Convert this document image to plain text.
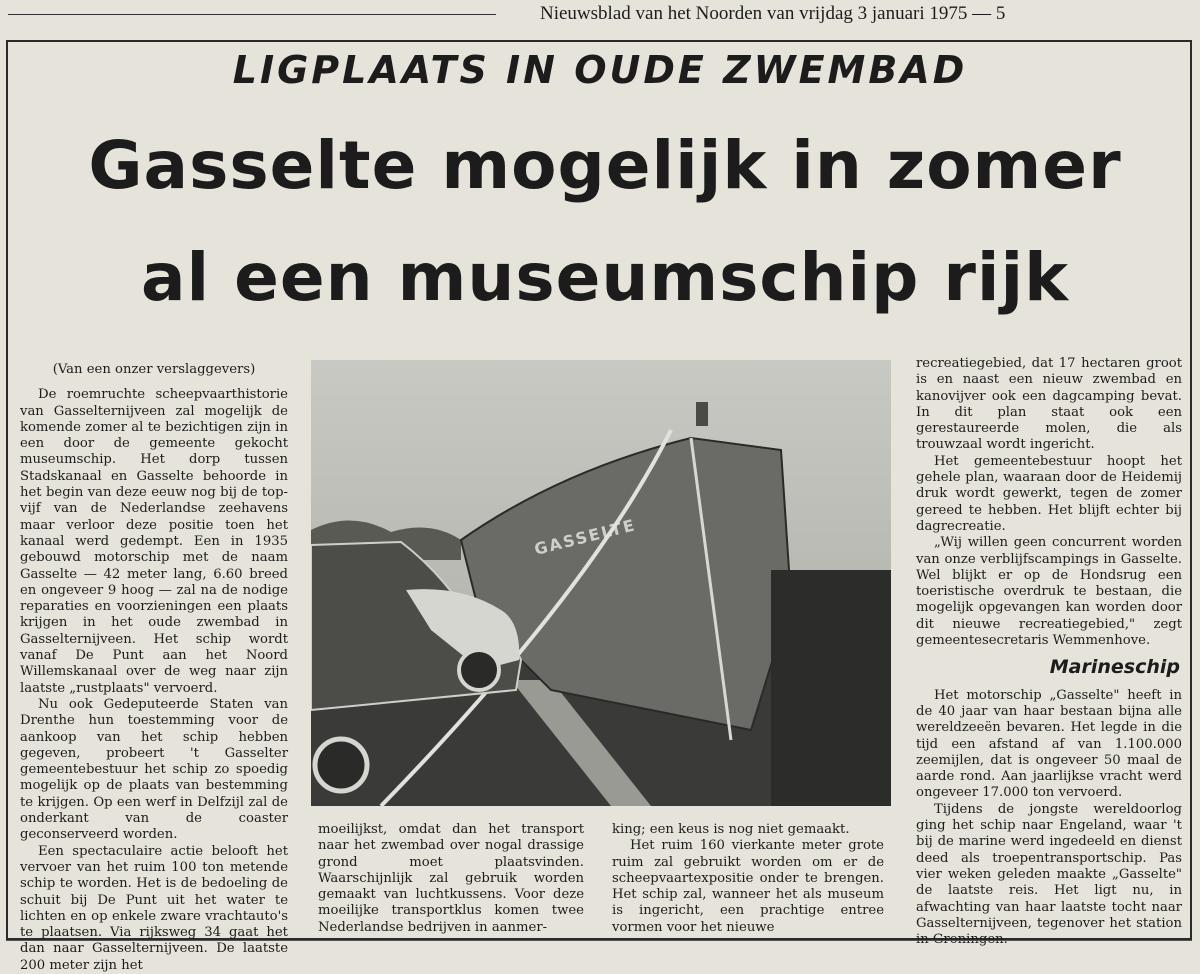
Nieuwsblad van het Noorden van vrijdag 3 januari 1975 — 5
LIGPLAATS IN OUDE ZWEMBAD
Gasselte mogelijk in zomer
al een museumschip rijk
(Van een onzer verslaggevers)

De roemruchte scheepvaarthistorie van Gasselternijveen zal mogelijk de komende zomer al te bezichtigen zijn in een door de gemeente gekocht museumschip. Het dorp tussen Stadskanaal en Gasselte behoorde in het begin van deze eeuw nog bij de top-vijf van de Nederlandse zeehavens maar verloor deze positie toen het kanaal werd gedempt. Een in 1935 gebouwd motorschip met de naam Gasselte — 42 meter lang, 6.60 breed en ongeveer 9 hoog — zal na de nodige reparaties en voorzieningen een plaats krijgen in het oude zwembad in Gasselternijveen. Het schip wordt vanaf De Punt aan het Noord Willemskanaal over de weg naar zijn laatste „rustplaats" vervoerd.

Nu ook Gedeputeerde Staten van Drenthe hun toestemming voor de aankoop van het schip hebben gegeven, probeert 't Gasselter gemeentebestuur het schip zo spoedig mogelijk op de plaats van bestemming te krijgen. Op een werf in Delfzijl zal de onderkant van de coaster geconserveerd worden.

Een spectaculaire actie belooft het vervoer van het ruim 100 ton metende schip te worden. Het is de bedoeling de schuit bij De Punt uit het water te lichten en op enkele zware vrachtauto's te plaatsen. Via rijksweg 34 gaat het dan naar Gasselternijveen. De laatste 200 meter zijn het

GASSELTE

moeilijkst, omdat dan het transport naar het zwembad over nogal drassige grond moet plaatsvinden. Waarschijnlijk zal gebruik worden gemaakt van luchtkussens. Voor deze moeilijke transportklus komen twee Nederlandse bedrijven in aanmer-

king; een keus is nog niet gemaakt.

Het ruim 160 vierkante meter grote ruim zal gebruikt worden om er de scheepvaartexpositie onder te brengen. Het schip zal, wanneer het als museum is ingericht, een prachtige entree vormen voor het nieuwe

recreatiegebied, dat 17 hectaren groot is en naast een nieuw zwembad en kanovijver ook een dagcamping bevat. In dit plan staat ook een gerestaureerde molen, die als trouwzaal wordt ingericht.

Het gemeentebestuur hoopt het gehele plan, waaraan door de Heidemij druk wordt gewerkt, tegen de zomer gereed te hebben. Het blijft echter bij dagrecreatie.

„Wij willen geen concurrent worden van onze verblijfscampings in Gasselte. Wel blijkt er op de Hondsrug een toeristische overdruk te bestaan, die mogelijk opgevangen kan worden door dit nieuwe recreatiegebied," zegt gemeentesecretaris Wemmenhove.

Marineschip

Het motorschip „Gasselte" heeft in de 40 jaar van haar bestaan bijna alle wereldzeeën bevaren. Het legde in die tijd een afstand af van 1.100.000 zeemijlen, dat is ongeveer 50 maal de aarde rond. Aan jaarlijkse vracht werd ongeveer 17.000 ton vervoerd.

Tijdens de jongste wereldoorlog ging het schip naar Engeland, waar 't bij de marine werd ingedeeld en dienst deed als troepentransportschip. Pas vier weken geleden maakte „Gasselte" de laatste reis. Het ligt nu, in afwachting van haar laatste tocht naar Gasselternijveen, tegenover het station in Groningen.
